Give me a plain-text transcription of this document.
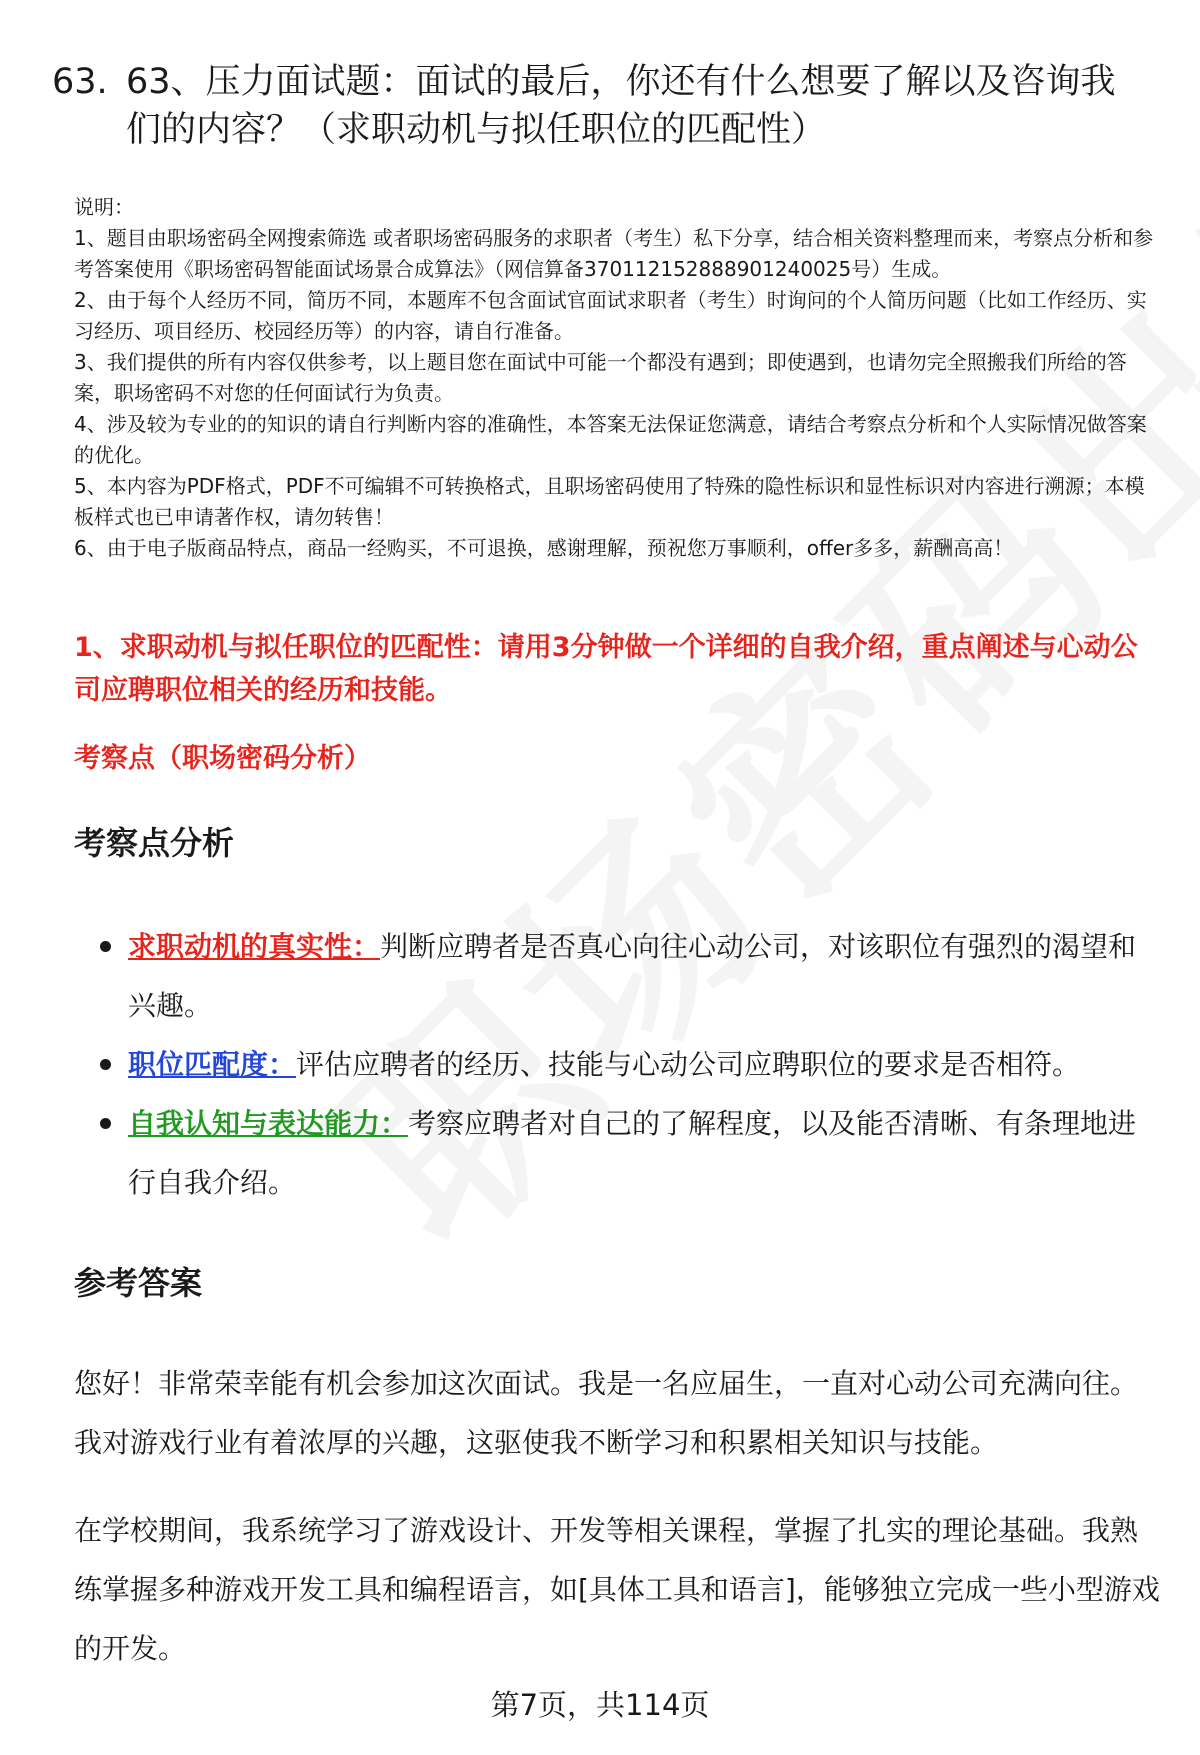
63. 63、压力面试题：面试的最后，你还有什么想要了解以及咨询我们的内容？（求职动机与拟任职位的匹配性）

说明：

1、题目由职场密码全网搜索筛选 或者职场密码服务的求职者（考生）私下分享，结合相关资料整理而来，考察点分析和参考答案使用《职场密码智能面试场景合成算法》（网信算备370112152888901240025号）生成。

2、由于每个人经历不同，简历不同，本题库不包含面试官面试求职者（考生）时询问的个人简历问题（比如工作经历、实习经历、项目经历、校园经历等）的内容，请自行准备。

3、我们提供的所有内容仅供参考，以上题目您在面试中可能一个都没有遇到；即使遇到，也请勿完全照搬我们所给的答案，职场密码不对您的任何面试行为负责。

4、涉及较为专业的的知识的请自行判断内容的准确性，本答案无法保证您满意，请结合考察点分析和个人实际情况做答案的优化。

5、本内容为PDF格式，PDF不可编辑不可转换格式，且职场密码使用了特殊的隐性标识和显性标识对内容进行溯源；本模板样式也已申请著作权，请勿转售！

6、由于电子版商品特点，商品一经购买，不可退换，感谢理解，预祝您万事顺利，offer多多，薪酬高高！

1、求职动机与拟任职位的匹配性：请用3分钟做一个详细的自我介绍，重点阐述与心动公司应聘职位相关的经历和技能。
考察点（职场密码分析）
考察点分析
求职动机的真实性：判断应聘者是否真心向往心动公司，对该职位有强烈的渴望和兴趣。
职位匹配度：评估应聘者的经历、技能与心动公司应聘职位的要求是否相符。
自我认知与表达能力：考察应聘者对自己的了解程度，以及能否清晰、有条理地进行自我介绍。
参考答案

您好！非常荣幸能有机会参加这次面试。我是一名应届生，一直对心动公司充满向往。我对游戏行业有着浓厚的兴趣，这驱使我不断学习和积累相关知识与技能。

在学校期间，我系统学习了游戏设计、开发等相关课程，掌握了扎实的理论基础。我熟练掌握多种游戏开发工具和编程语言，如[具体工具和语言]，能够独立完成一些小型游戏的开发。

第7页，共114页
